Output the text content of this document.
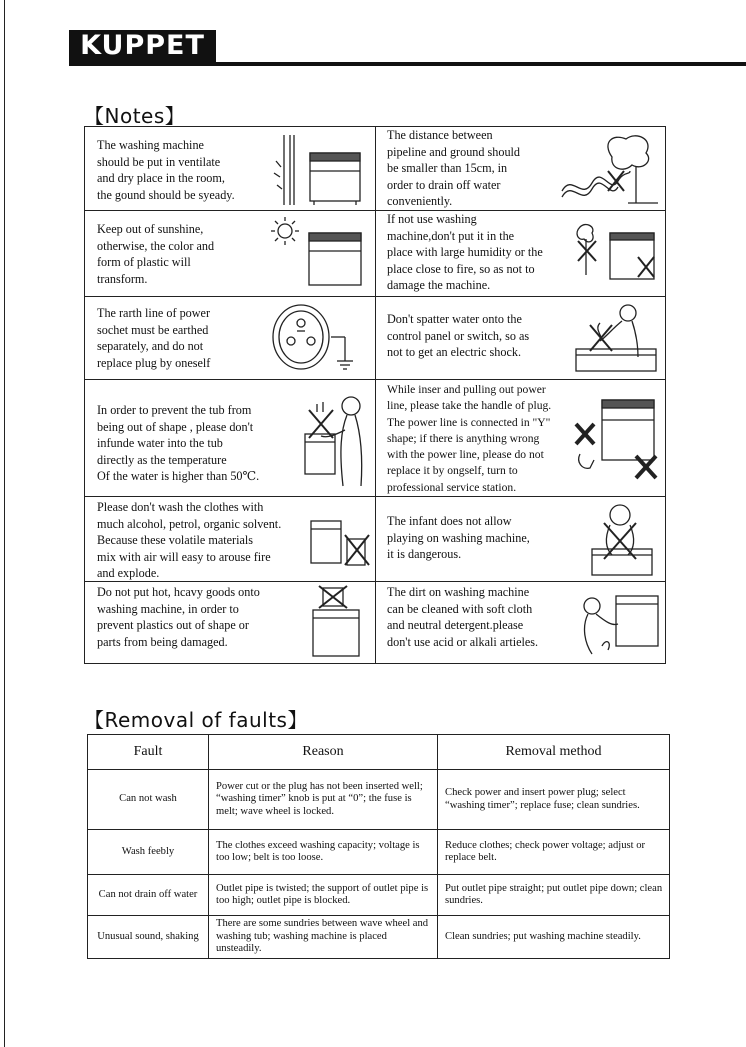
KUPPET
【Notes】
The washing machine
should be put in ventilate
and dry place in the room,
the gound should be syeady.
The distance between
pipeline and ground should
be smaller than 15cm, in
order to drain off water
conveniently.
Keep out of sunshine,
otherwise, the color and
form of plastic will
transform.
If not use washing
machine,don't put it in the
place with large humidity or the
place close to fire, so as not to
damage the machine.
The rarth line of power
sochet must be earthed
separately, and do not
replace plug by oneself
Don't spatter water onto the
control panel or switch, so as
not to get an electric shock.
In order to prevent the tub from
being out of shape , please don't
infunde water into the tub
directly as the temperature
Of the water is higher than 50℃.
While inser and pulling out power
line, please take the handle of plug.
The power line is connected in "Y"
shape; if there is anything wrong
with the power line, please do not
replace it by ongself, turn to
professional service station.
Please don't wash the clothes with
much alcohol, petrol, organic solvent.
Because these volatile materials
mix with air will easy to arouse fire
and explode.
The infant does not allow
playing on washing machine,
it is dangerous.
Do not put hot, hcavy goods onto
washing machine, in order to
prevent plastics out of shape or
parts from being damaged.
The dirt on washing machine
can be cleaned with soft cloth
and neutral detergent.please
don't use acid or alkali artieles.
【Removal of faults】
Fault	Reason	Removal method
Can not wash	Power cut or the plug has not been inserted well; “washing timer” knob is put at “0”; the fuse is melt; wave wheel is locked.	Check power and insert power plug; select “washing timer”; replace fuse; clean sundries.
Wash feebly	The clothes exceed washing capacity; voltage is too low; belt is too loose.	Reduce clothes; check power voltage; adjust or replace belt.
Can not drain off water	Outlet pipe is twisted; the support of outlet pipe is too high; outlet pipe is blocked.	Put outlet pipe straight; put outlet pipe down; clean sundries.
Unusual sound, shaking	There are some sundries between wave wheel and washing tub; washing machine is placed unsteadily.	Clean sundries; put washing machine steadily.
